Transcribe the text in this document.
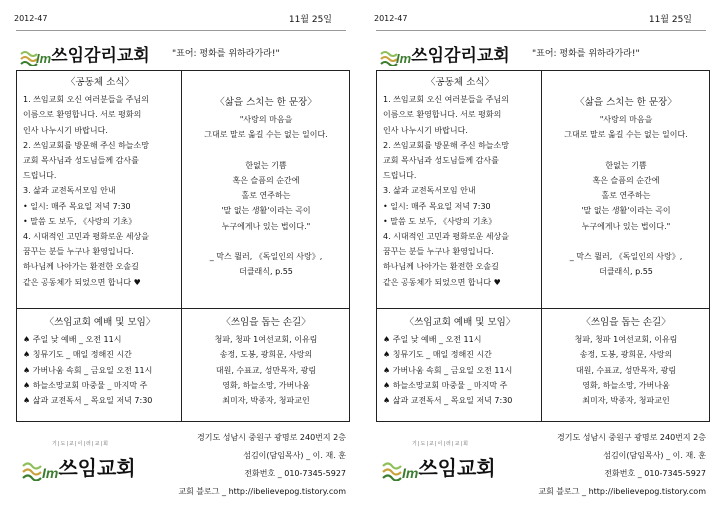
2012-47	11월 25일
Im 쓰임감리교회 "표어: 평화를 위하라가라!"
〈공동체 소식〉
1. 쓰임교회 오신 여러분들을 주님의
이름으로 환영합니다. 서로 평화의
인사 나누시기 바랍니다.
2. 쓰임교회를 방문해 주신 하늘소망
교회 목사님과 성도님들께 감사를
드립니다.
3. 삶과 교전독서모임 안내
• 일시: 매주 목요일 저녁 7:30
• 말씀 도 보두, 《사랑의 기초》
4. 시대적인 고민과 평화로운 세상을
꿈꾸는 분들 누구나 환영입니다.
하나님께 나아가는 환전한 오솔길
같은 공동체가 되었으면 합니다 ♥
〈삶을 스치는 한 문장〉
"사랑의 마음을
그대로 말로 옮길 수는 없는 일이다.

한없는 기쁨
혹은 슬픔의 순간에
홀로 연주하는
'말 없는 생활'이라는 곡이
누구에게나 있는 법이다."

_ 막스 뮐러, 《독일인의 사랑》,
더클래식, p.55
〈쓰임교회 예배 및 모임〉
♠ 주일 낮 예배 _ 오전 11시
♠ 칭뮤기도 _ 매일 정해진 시간
♠ 가버나움 속회 _ 금요일 오전 11시
♠ 하늘소망교회 마중물 _ 마지막 주
♠ 삶과 교전독서 _ 목요일 저녁 7:30
〈쓰임을 돕는 손길〉
청파, 청파 1여선교회, 이유림
송정, 도봉, 광희문, 사랑의
대원, 수표교, 성만목자, 광림
영화, 하늘소망, 가버나움
최미자, 박종자, 청파교인
경기도 성남시 중원구 광명로 240번지 2층
섬김이(담임목사) _ 이. 재. 훈
전화번호 _ 010-7345-5927
교회 블로그 _ http://ibelievepog.tistory.com
기|도|교|이|러|교|회
Im 쓰임교회
2012-47	11월 25일
Im 쓰임감리교회 "표어: 평화를 위하라가라!"
〈공동체 소식〉
1. 쓰임교회 오신 여러분들을 주님의
이름으로 환영합니다. 서로 평화의
인사 나누시기 바랍니다.
2. 쓰임교회를 방문해 주신 하늘소망
교회 목사님과 성도님들께 감사를
드립니다.
3. 삶과 교전독서모임 안내
• 일시: 매주 목요일 저녁 7:30
• 말씀 도 보두, 《사랑의 기초》
4. 시대적인 고민과 평화로운 세상을
꿈꾸는 분들 누구나 환영입니다.
하나님께 나아가는 환전한 오솔길
같은 공동체가 되었으면 합니다 ♥
〈삶을 스치는 한 문장〉
"사랑의 마음을
그대로 말로 옮길 수는 없는 일이다.

한없는 기쁨
혹은 슬픔의 순간에
홀로 연주하는
'말 없는 생활'이라는 곡이
누구에게나 있는 법이다."

_ 막스 뮐러, 《독일인의 사랑》,
더클래식, p.55
〈쓰임교회 예배 및 모임〉
♠ 주일 낮 예배 _ 오전 11시
♠ 칭뮤기도 _ 매일 정해진 시간
♠ 가버나움 속회 _ 금요일 오전 11시
♠ 하늘소망교회 마중물 _ 마지막 주
♠ 삶과 교전독서 _ 목요일 저녁 7:30
〈쓰임을 돕는 손길〉
청파, 청파 1여선교회, 이유림
송정, 도봉, 광희문, 사랑의
대원, 수표교, 성만목자, 광림
영화, 하늘소망, 가버나움
최미자, 박종자, 청파교인
경기도 성남시 중원구 광명로 240번지 2층
섬김이(담임목사) _ 이. 재. 훈
전화번호 _ 010-7345-5927
교회 블로그 _ http://ibelievepog.tistory.com
기|도|교|이|러|교|회
Im 쓰임교회
